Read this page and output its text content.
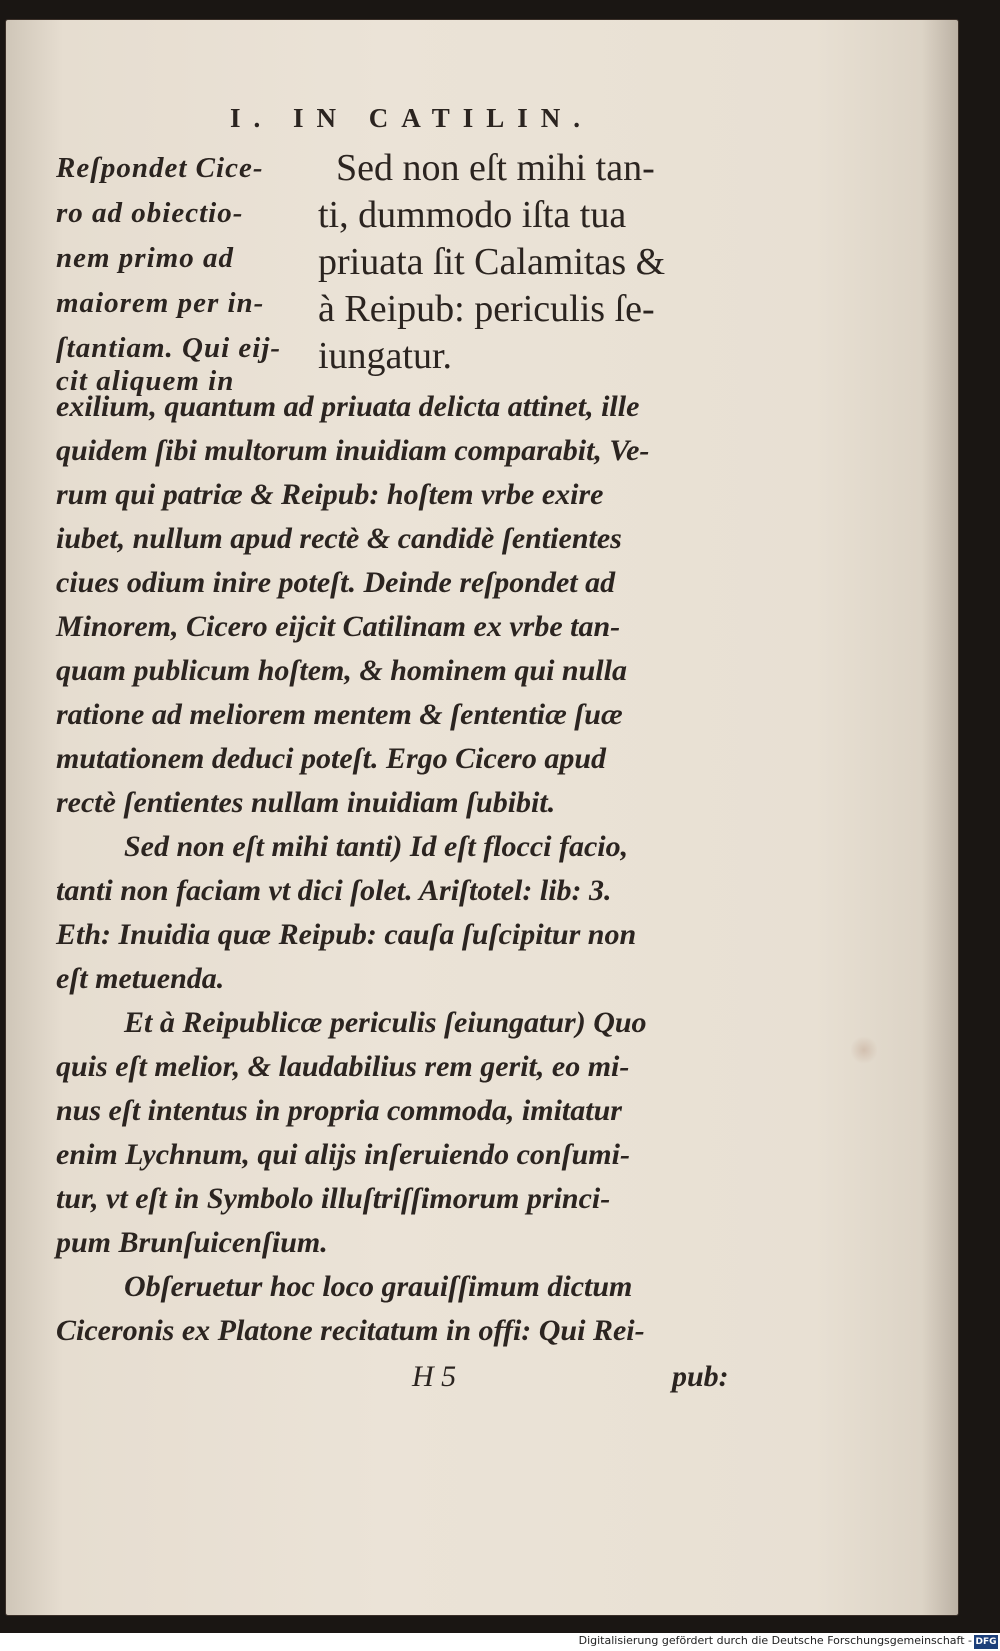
I. IN CATILIN.
Reſpondet Cice-
ro ad obiectio-
nem primo ad
maiorem per in-
ſtantiam. Qui eij-
cit aliquem in
Sed non eſt mihi tan-
ti, dummodo iſta tua
priuata ſit Calamitas &
à Reipub: periculis ſe-
iungatur.
exilium, quantum ad priuata delicta attinet, ille
quidem ſibi multorum inuidiam comparabit, Ve-
rum qui patriæ & Reipub: hoſtem vrbe exire
iubet, nullum apud rectè & candidè ſentientes
ciues odium inire poteſt. Deinde reſpondet ad
Minorem, Cicero eijcit Catilinam ex vrbe tan-
quam publicum hoſtem, & hominem qui nulla
ratione ad meliorem mentem & ſententiæ ſuæ
mutationem deduci poteſt. Ergo Cicero apud
rectè ſentientes nullam inuidiam ſubibit.
Sed non eſt mihi tanti) Id eſt flocci facio,
tanti non faciam vt dici ſolet. Ariſtotel: lib: 3.
Eth: Inuidia quæ Reipub: cauſa ſuſcipitur non
eſt metuenda.
Et à Reipublicæ periculis ſeiungatur) Quo
quis eſt melior, & laudabilius rem gerit, eo mi-
nus eſt intentus in propria commoda, imitatur
enim Lychnum, qui alijs inſeruiendo conſumi-
tur, vt eſt in Symbolo illuſtriſſimorum princi-
pum Brunſuicenſium.
Obſeruetur hoc loco grauiſſimum dictum
Ciceronis ex Platone recitatum in offi: Qui Rei-
H 5	pub:
Digitalisierung gefördert durch die Deutsche Forschungsgemeinschaft - DFG
